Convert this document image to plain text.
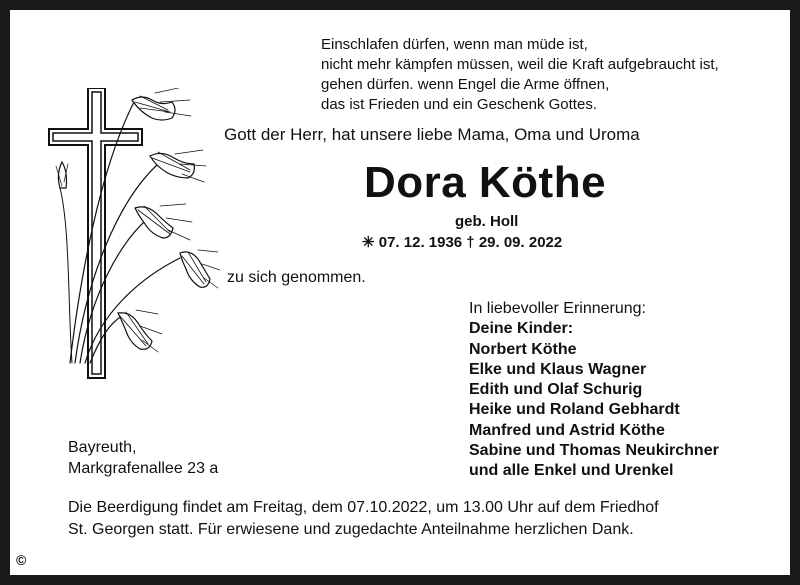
Einschlafen dürfen, wenn man müde ist,
nicht mehr kämpfen müssen, weil die Kraft aufgebraucht ist,
gehen dürfen. wenn Engel die Arme öffnen,
das ist Frieden und ein Geschenk Gottes.
Gott der Herr, hat unsere liebe Mama, Oma und Uroma
Dora Köthe
geb. Holl
✳ 07. 12. 1936 † 29. 09. 2022
zu sich genommen.
In liebevoller Erinnerung:
Deine Kinder:
Norbert Köthe
Elke und Klaus Wagner
Edith und Olaf Schurig
Heike und Roland Gebhardt
Manfred und Astrid Köthe
Sabine und Thomas Neukirchner
und alle Enkel und Urenkel
Bayreuth,
Markgrafenallee 23 a
Die Beerdigung findet am Freitag, dem 07.10.2022, um 13.00 Uhr auf dem Friedhof
St. Georgen statt. Für erwiesene und zugedachte Anteilnahme herzlichen Dank.
©
